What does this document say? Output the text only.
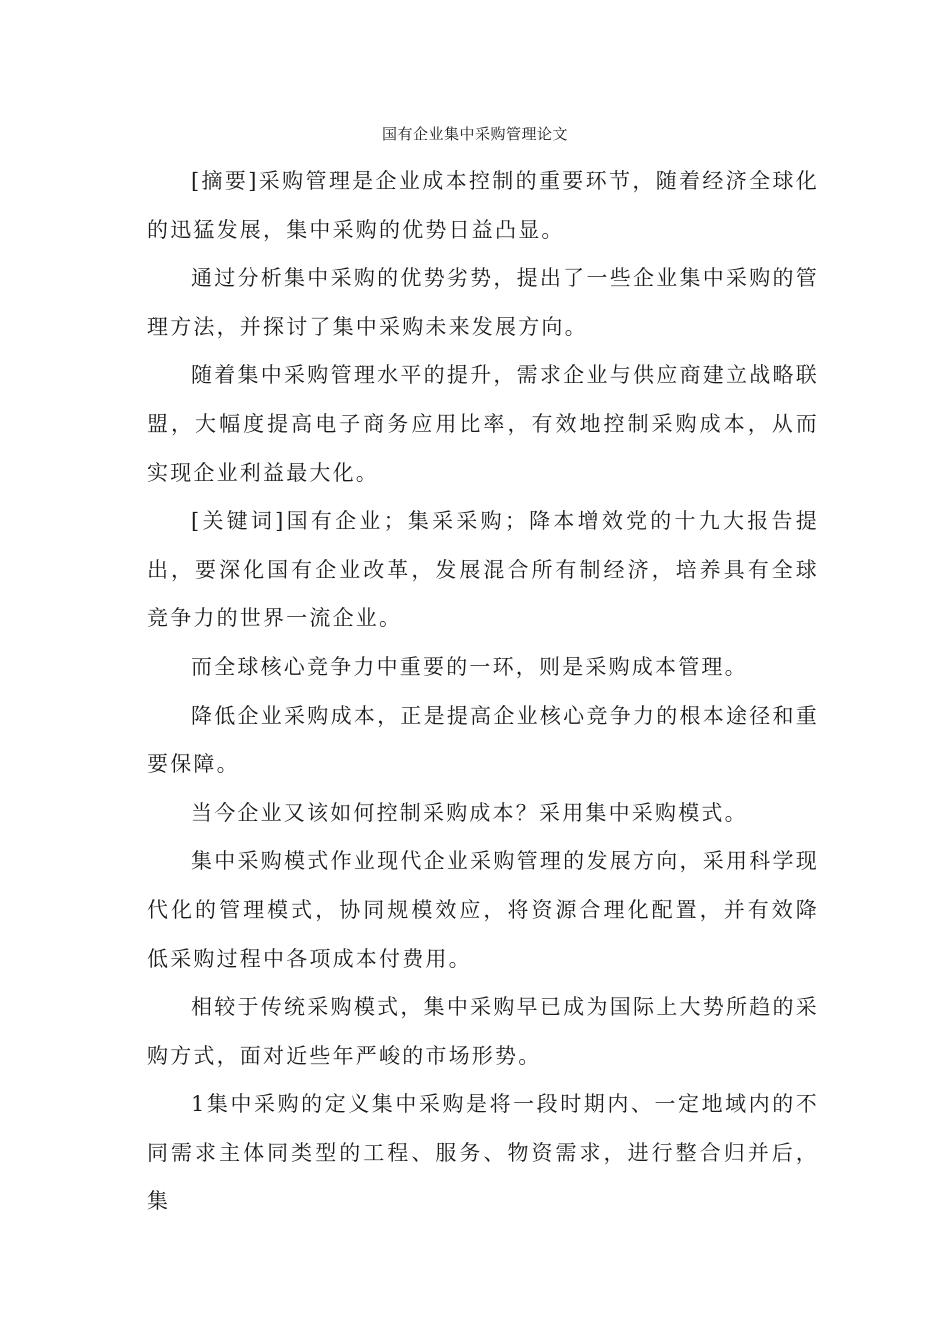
国有企业集中采购管理论文

[摘要]采购管理是企业成本控制的重要环节，随着经济全球化的迅猛发展，集中采购的优势日益凸显。

通过分析集中采购的优势劣势，提出了一些企业集中采购的管理方法，并探讨了集中采购未来发展方向。

随着集中采购管理水平的提升，需求企业与供应商建立战略联盟，大幅度提高电子商务应用比率，有效地控制采购成本，从而实现企业利益最大化。

[关键词]国有企业；集采采购；降本增效党的十九大报告提出，要深化国有企业改革，发展混合所有制经济，培养具有全球竞争力的世界一流企业。

而全球核心竞争力中重要的一环，则是采购成本管理。

降低企业采购成本，正是提高企业核心竞争力的根本途径和重要保障。

当今企业又该如何控制采购成本？采用集中采购模式。

集中采购模式作业现代企业采购管理的发展方向，采用科学现代化的管理模式，协同规模效应，将资源合理化配置，并有效降低采购过程中各项成本付费用。

相较于传统采购模式，集中采购早已成为国际上大势所趋的采购方式，面对近些年严峻的市场形势。

1集中采购的定义集中采购是将一段时期内、一定地域内的不同需求主体同类型的工程、服务、物资需求，进行整合归并后，集
